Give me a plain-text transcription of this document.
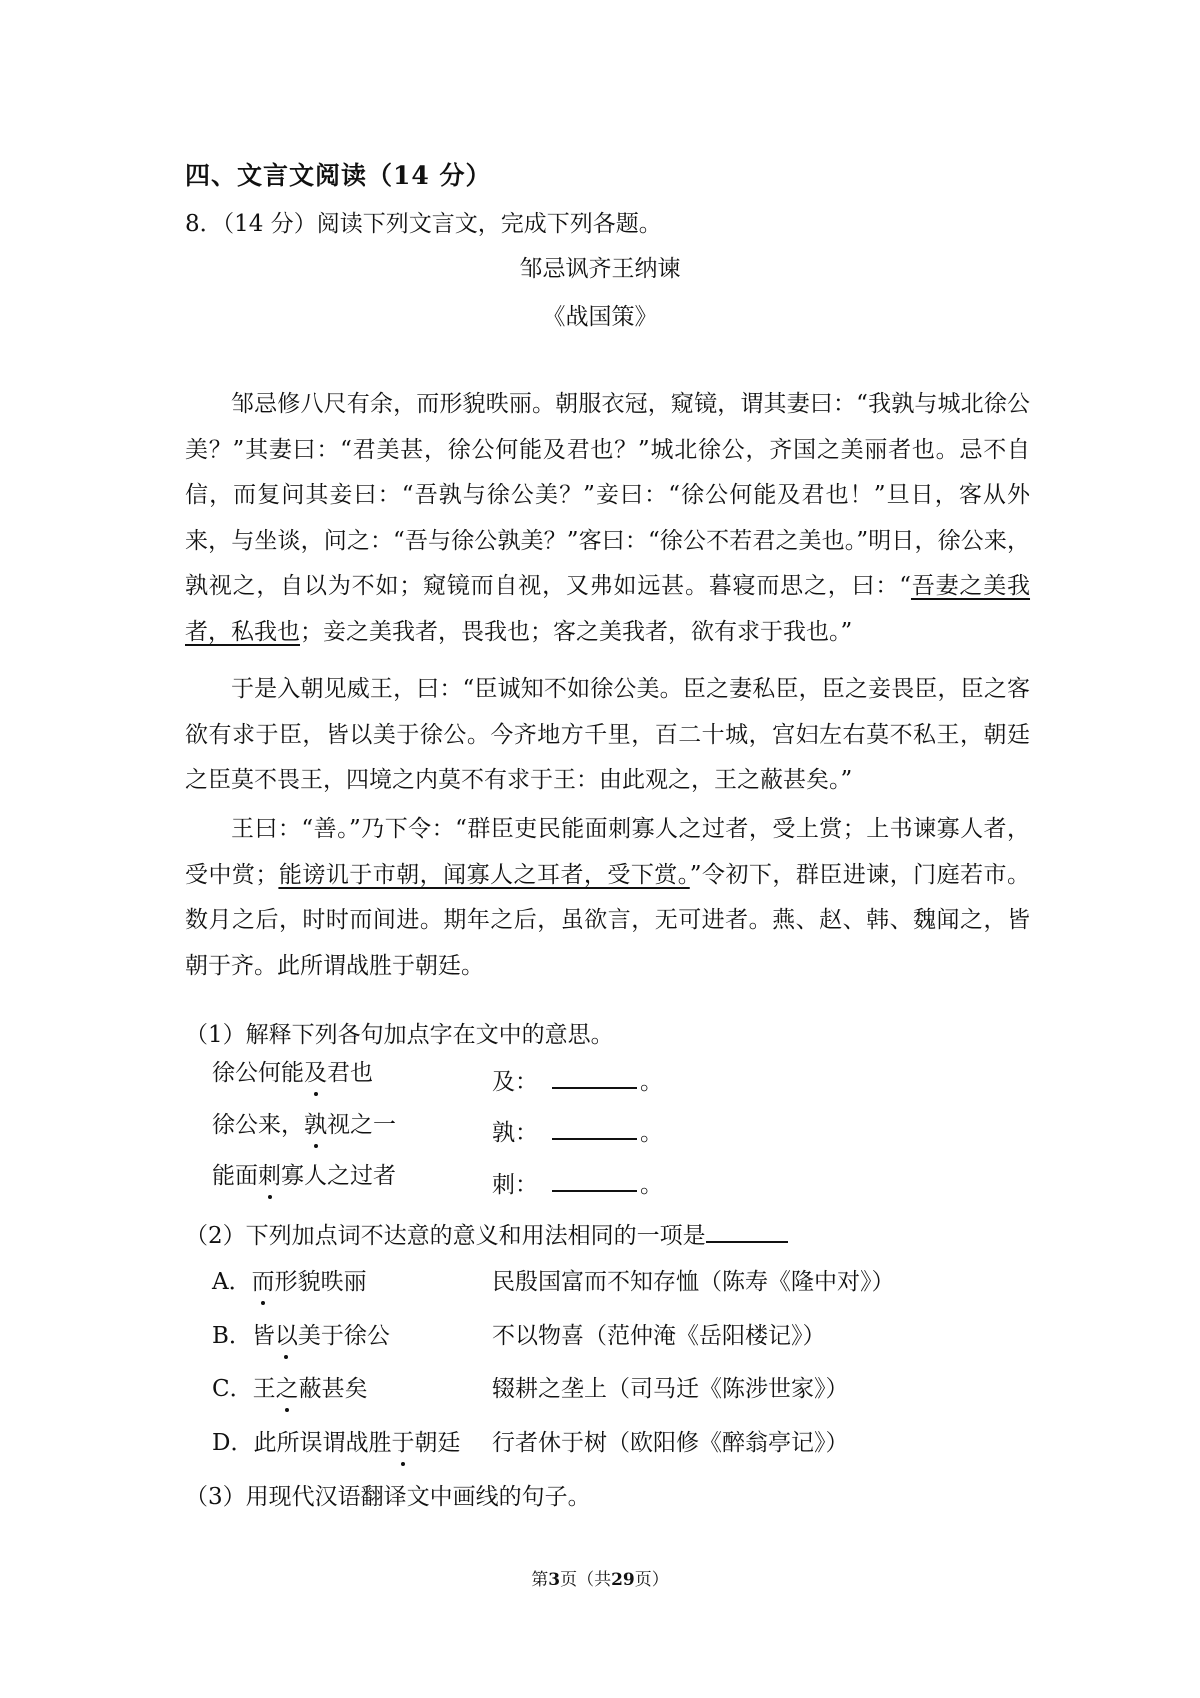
四、文言文阅读（14 分）
8．（14 分）阅读下列文言文，完成下列各题。
邹忌讽齐王纳谏
《战国策》

邹忌修八尺有余，而形貌昳丽。朝服衣冠，窥镜，谓其妻曰：“我孰与城北徐公美？”其妻曰：“君美甚，徐公何能及君也？”城北徐公，齐国之美丽者也。忌不自信，而复问其妾曰：“吾孰与徐公美？”妾曰：“徐公何能及君也！”旦日，客从外来，与坐谈，问之：“吾与徐公孰美？”客曰：“徐公不若君之美也。”明日，徐公来，孰视之，自以为不如；窥镜而自视，又弗如远甚。暮寝而思之，曰：“吾妻之美我者，私我也；妾之美我者，畏我也；客之美我者，欲有求于我也。”

于是入朝见威王，曰：“臣诚知不如徐公美。臣之妻私臣，臣之妾畏臣，臣之客欲有求于臣，皆以美于徐公。今齐地方千里，百二十城，宫妇左右莫不私王，朝廷之臣莫不畏王，四境之内莫不有求于王：由此观之，王之蔽甚矣。”

王曰：“善。”乃下令：“群臣吏民能面刺寡人之过者，受上赏；上书谏寡人者，受中赏；能谤讥于市朝，闻寡人之耳者，受下赏。”令初下，群臣进谏，门庭若市。数月之后，时时而间进。期年之后，虽欲言，无可进者。燕、赵、韩、魏闻之，皆朝于齐。此所谓战胜于朝廷。

（1）解释下列各句加点字在文中的意思。
徐公何能及君也	及：	。
徐公来，孰视之一	孰：	。
能面刺寡人之过者	刺：	。
（2）下列加点词不达意的意义和用法相同的一项是
A．而形貌昳丽	民殷国富而不知存恤（陈寿《隆中对》）
B．皆以美于徐公	不以物喜（范仲淹《岳阳楼记》）
C．王之蔽甚矣	辍耕之垄上（司马迁《陈涉世家》）
D．此所误谓战胜于朝廷 行者休于树（欧阳修《醉翁亭记》）
（3）用现代汉语翻译文中画线的句子。
第3页（共29页）
